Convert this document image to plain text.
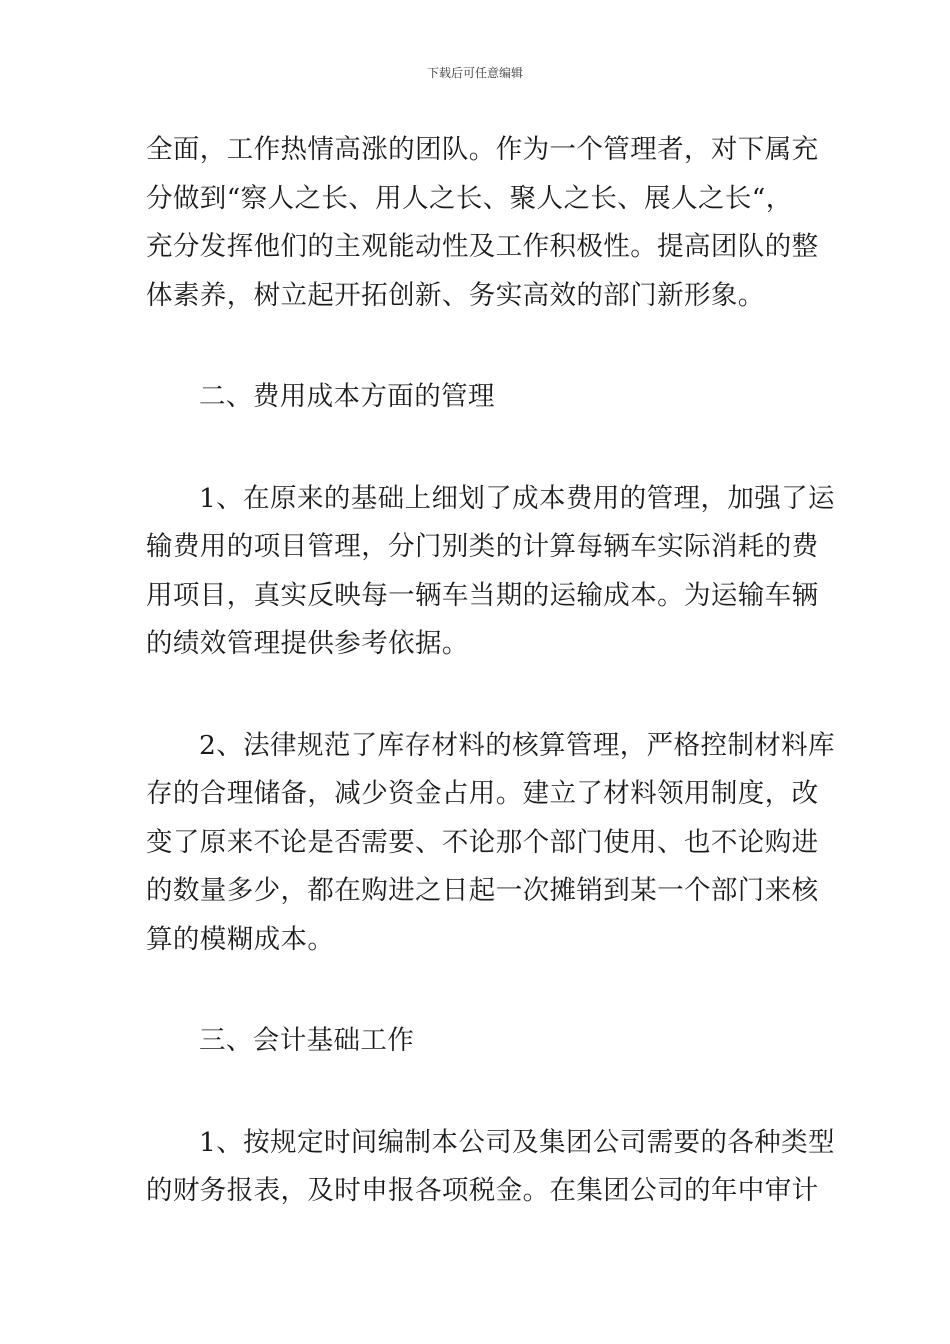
下载后可任意编辑

全面，工作热情高涨的团队。作为一个管理者，对下属充
分做到“察人之长、用人之长、聚人之长、展人之长“，
充分发挥他们的主观能动性及工作积极性。提高团队的整
体素养，树立起开拓创新、务实高效的部门新形象。

二、费用成本方面的管理

1、在原来的基础上细划了成本费用的管理，加强了运
输费用的项目管理，分门别类的计算每辆车实际消耗的费
用项目，真实反映每一辆车当期的运输成本。为运输车辆
的绩效管理提供参考依据。

2、法律规范了库存材料的核算管理，严格控制材料库
存的合理储备，减少资金占用。建立了材料领用制度，改
变了原来不论是否需要、不论那个部门使用、也不论购进
的数量多少，都在购进之日起一次摊销到某一个部门来核
算的模糊成本。

三、会计基础工作

1、按规定时间编制本公司及集团公司需要的各种类型
的财务报表，及时申报各项税金。在集团公司的年中审计
